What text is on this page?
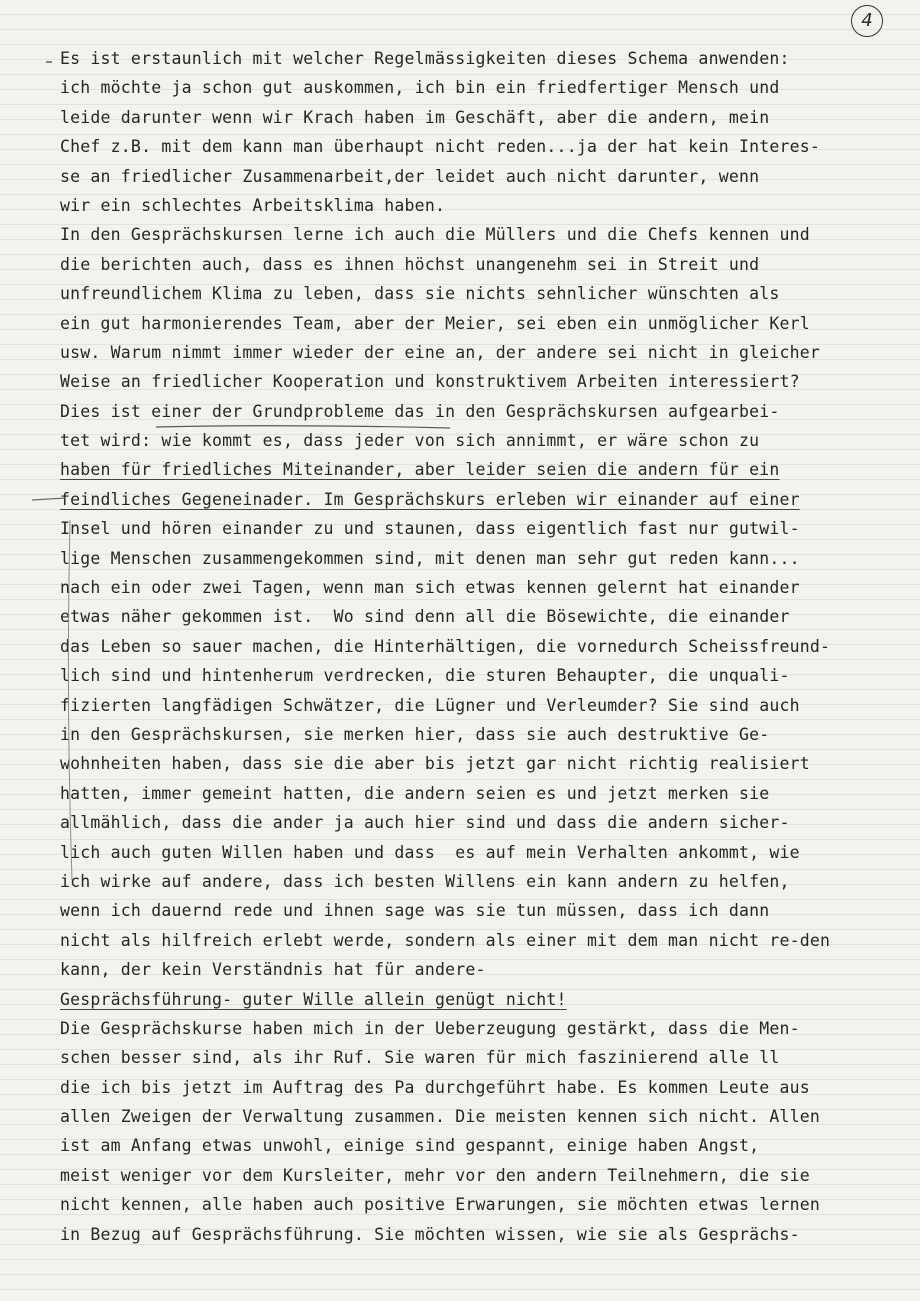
4
Es ist erstaunlich mit welcher Regelmässigkeiten dieses Schema anwenden:
ich möchte ja schon gut auskommen, ich bin ein friedfertiger Mensch und
leide darunter wenn wir Krach haben im Geschäft, aber die andern, mein
Chef z.B. mit dem kann man überhaupt nicht reden...ja der hat kein Interes-
se an friedlicher Zusammenarbeit,der leidet auch nicht darunter, wenn
wir ein schlechtes Arbeitsklima haben.
In den Gesprächskursen lerne ich auch die Müllers und die Chefs kennen und
die berichten auch, dass es ihnen höchst unangenehm sei in Streit und
unfreundlichem Klima zu leben, dass sie nichts sehnlicher wünschten als
ein gut harmonierendes Team, aber der Meier, sei eben ein unmöglicher Kerl
usw. Warum nimmt immer wieder der eine an, der andere sei nicht in gleicher
Weise an friedlicher Kooperation und konstruktivem Arbeiten interessiert?
Dies ist einer der Grundprobleme das in den Gesprächskursen aufgearbei-
tet wird: wie kommt es, dass jeder von sich annimmt, er wäre schon zu
haben für friedliches Miteinander, aber leider seien die andern für ein
feindliches Gegeneinader. Im Gesprächskurs erleben wir einander auf einer
Insel und hören einander zu und staunen, dass eigentlich fast nur gutwil-
lige Menschen zusammengekommen sind, mit denen man sehr gut reden kann...
nach ein oder zwei Tagen, wenn man sich etwas kennen gelernt hat einander
etwas näher gekommen ist.  Wo sind denn all die Bösewichte, die einander
das Leben so sauer machen, die Hinterhältigen, die vornedurch Scheissfreund-
lich sind und hintenherum verdrecken, die sturen Behaupter, die unquali-
fizierten langfädigen Schwätzer, die Lügner und Verleumder? Sie sind auch
in den Gesprächskursen, sie merken hier, dass sie auch destruktive Ge-
wohnheiten haben, dass sie die aber bis jetzt gar nicht richtig realisiert
hatten, immer gemeint hatten, die andern seien es und jetzt merken sie
allmählich, dass die ander ja auch hier sind und dass die andern sicher-
lich auch guten Willen haben und dass  es auf mein Verhalten ankommt, wie
ich wirke auf andere, dass ich besten Willens ein kann andern zu helfen,
wenn ich dauernd rede und ihnen sage was sie tun müssen, dass ich dann
nicht als hilfreich erlebt werde, sondern als einer mit dem man nicht re-den
kann, der kein Verständnis hat für andere-
Gesprächsführung- guter Wille allein genügt nicht!
Die Gesprächskurse haben mich in der Ueberzeugung gestärkt, dass die Men-
schen besser sind, als ihr Ruf. Sie waren für mich faszinierend alle ll
die ich bis jetzt im Auftrag des Pa durchgeführt habe. Es kommen Leute aus
allen Zweigen der Verwaltung zusammen. Die meisten kennen sich nicht. Allen
ist am Anfang etwas unwohl, einige sind gespannt, einige haben Angst,
meist weniger vor dem Kursleiter, mehr vor den andern Teilnehmern, die sie
nicht kennen, alle haben auch positive Erwarungen, sie möchten etwas lernen
in Bezug auf Gesprächsführung. Sie möchten wissen, wie sie als Gesprächs-
